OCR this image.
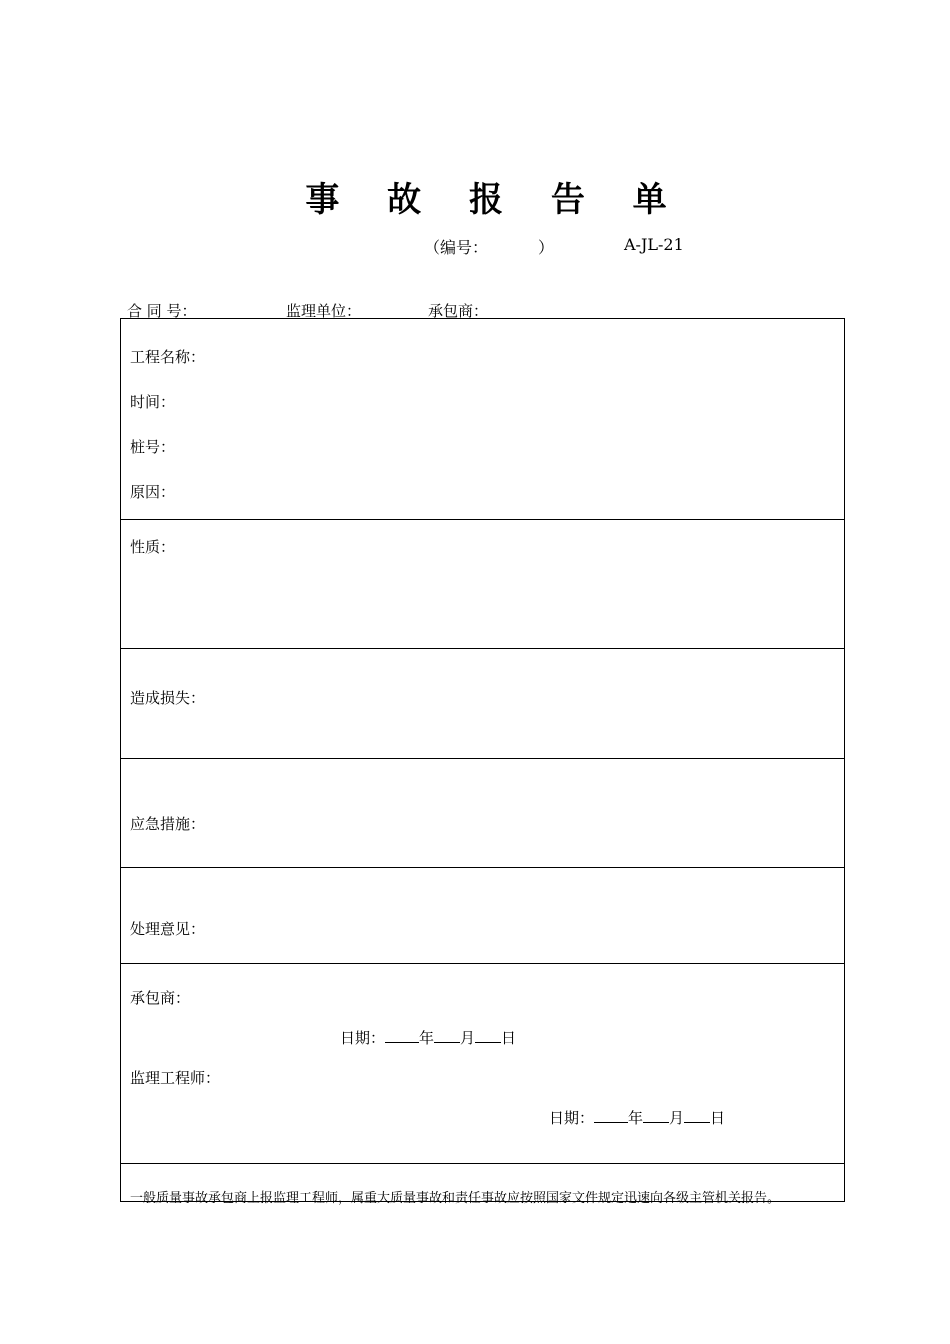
事 故 报 告 单
（编号：	）	A-JL-21
合 同 号：	监理单位：	承包商：
工程名称：
时间：
桩号：
原因：
性质：
造成损失：
应急措施：
处理意见：
承包商：
日期： 年 月 日
监理工程师：
日期： 年 月 日
一般质量事故承包商上报监理工程师，属重大质量事故和责任事故应按照国家文件规定迅速向各级主管机关报告。
